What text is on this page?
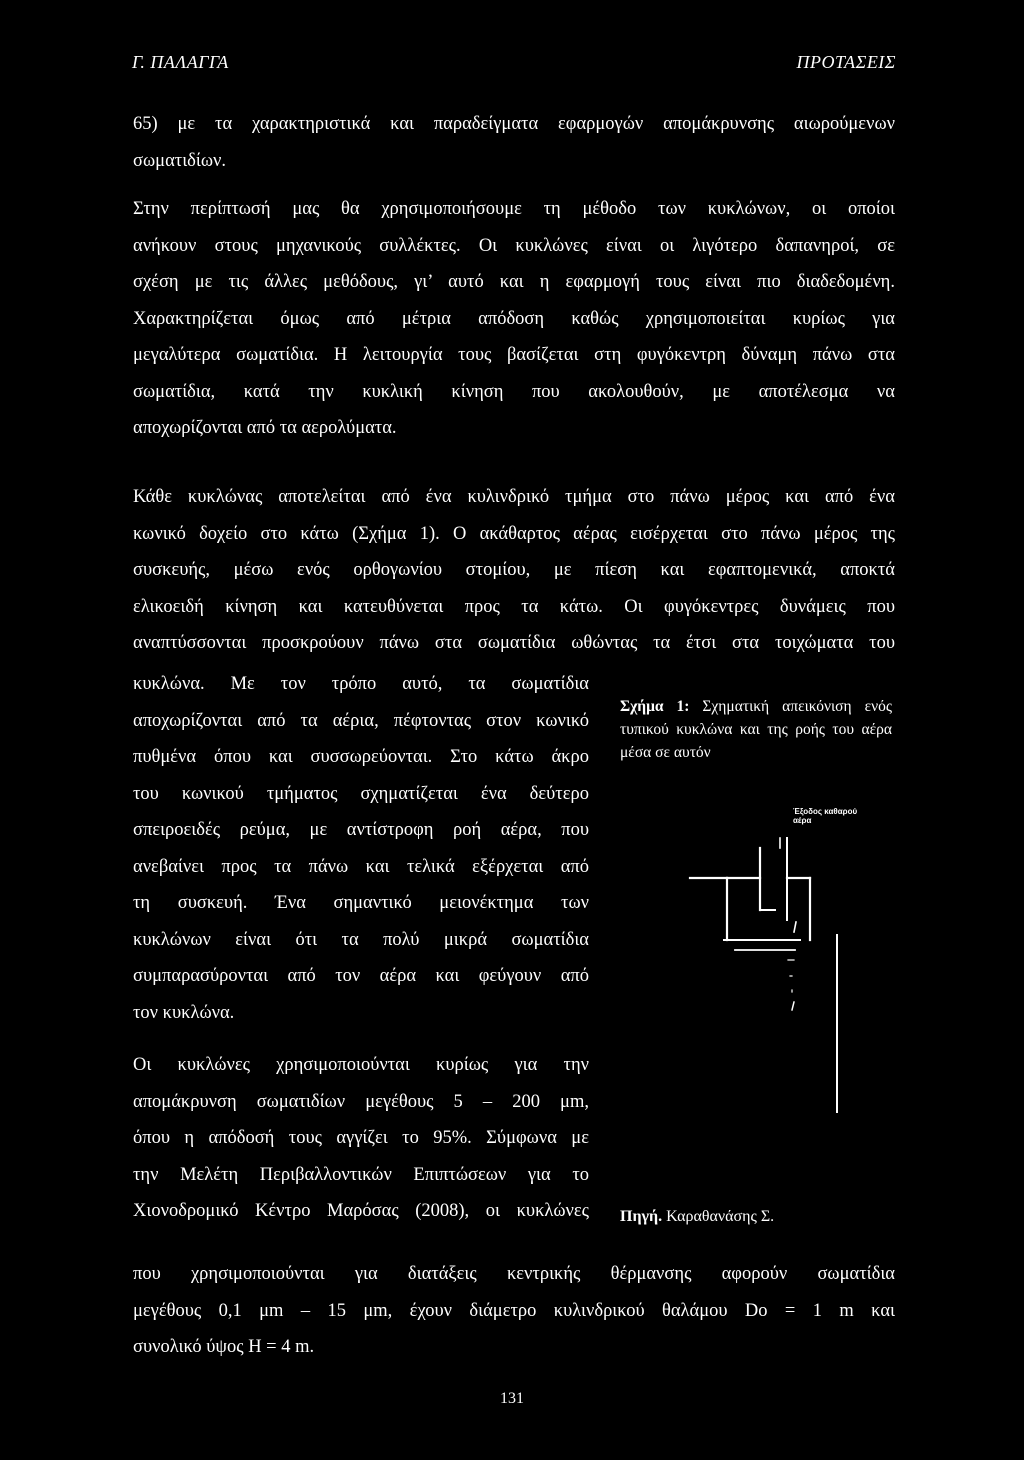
Γ. ΠΑΛΑΓΓΑ	ΠΡΟΤΑΣΕΙΣ
65) με τα χαρακτηριστικά και παραδείγματα εφαρμογών απομάκρυνσης αιωρούμενων
σωματιδίων.
Στην περίπτωσή μας θα χρησιμοποιήσουμε τη μέθοδο των κυκλώνων, οι οποίοι
ανήκουν στους μηχανικούς συλλέκτες. Οι κυκλώνες είναι οι λιγότερο δαπανηροί, σε
σχέση με τις άλλες μεθόδους, γι’ αυτό και η εφαρμογή τους είναι πιο διαδεδομένη.
Χαρακτηρίζεται όμως από μέτρια απόδοση καθώς χρησιμοποιείται κυρίως για
μεγαλύτερα σωματίδια. Η λειτουργία τους βασίζεται στη φυγόκεντρη δύναμη πάνω στα
σωματίδια, κατά την κυκλική κίνηση που ακολουθούν, με αποτέλεσμα να
αποχωρίζονται από τα αερολύματα.
Κάθε κυκλώνας αποτελείται από ένα κυλινδρικό τμήμα στο πάνω μέρος και από ένα
κωνικό δοχείο στο κάτω (Σχήμα 1). Ο ακάθαρτος αέρας εισέρχεται στο πάνω μέρος της
συσκευής, μέσω ενός ορθογωνίου στομίου, με πίεση και εφαπτομενικά, αποκτά
ελικοειδή κίνηση και κατευθύνεται προς τα κάτω. Οι φυγόκεντρες δυνάμεις που
αναπτύσσονται προσκρούουν πάνω στα σωματίδια ωθώντας τα έτσι στα τοιχώματα του
κυκλώνα. Με τον τρόπο αυτό, τα σωματίδια
αποχωρίζονται από τα αέρια, πέφτοντας στον κωνικό
πυθμένα όπου και συσσωρεύονται. Στο κάτω άκρο
του κωνικού τμήματος σχηματίζεται ένα δεύτερο
σπειροειδές ρεύμα, με αντίστροφη ροή αέρα, που
ανεβαίνει προς τα πάνω και τελικά εξέρχεται από
τη συσκευή. Ένα σημαντικό μειονέκτημα των
κυκλώνων είναι ότι τα πολύ μικρά σωματίδια
συμπαρασύρονται από τον αέρα και φεύγουν από
τον κυκλώνα.
Οι κυκλώνες χρησιμοποιούνται κυρίως για την
απομάκρυνση σωματιδίων μεγέθους 5 – 200 μm,
όπου η απόδοσή τους αγγίζει το 95%. Σύμφωνα με
την Μελέτη Περιβαλλοντικών Επιπτώσεων για το
Χιονοδρομικό Κέντρο Μαρόσας (2008), οι κυκλώνες
που χρησιμοποιούνται για διατάξεις κεντρικής θέρμανσης αφορούν σωματίδια
μεγέθους 0,1 μm – 15 μm, έχουν διάμετρο κυλινδρικού θαλάμου Do = 1 m και
συνολικό ύψος H = 4 m.
Σχήμα 1: Σχηματική απεικόνιση ενός τυπικού κυκλώνα και της ροής του αέρα μέσα σε αυτόν
Έξοδος καθαρού
αέρα
Πηγή. Καραθανάσης Σ.
131
